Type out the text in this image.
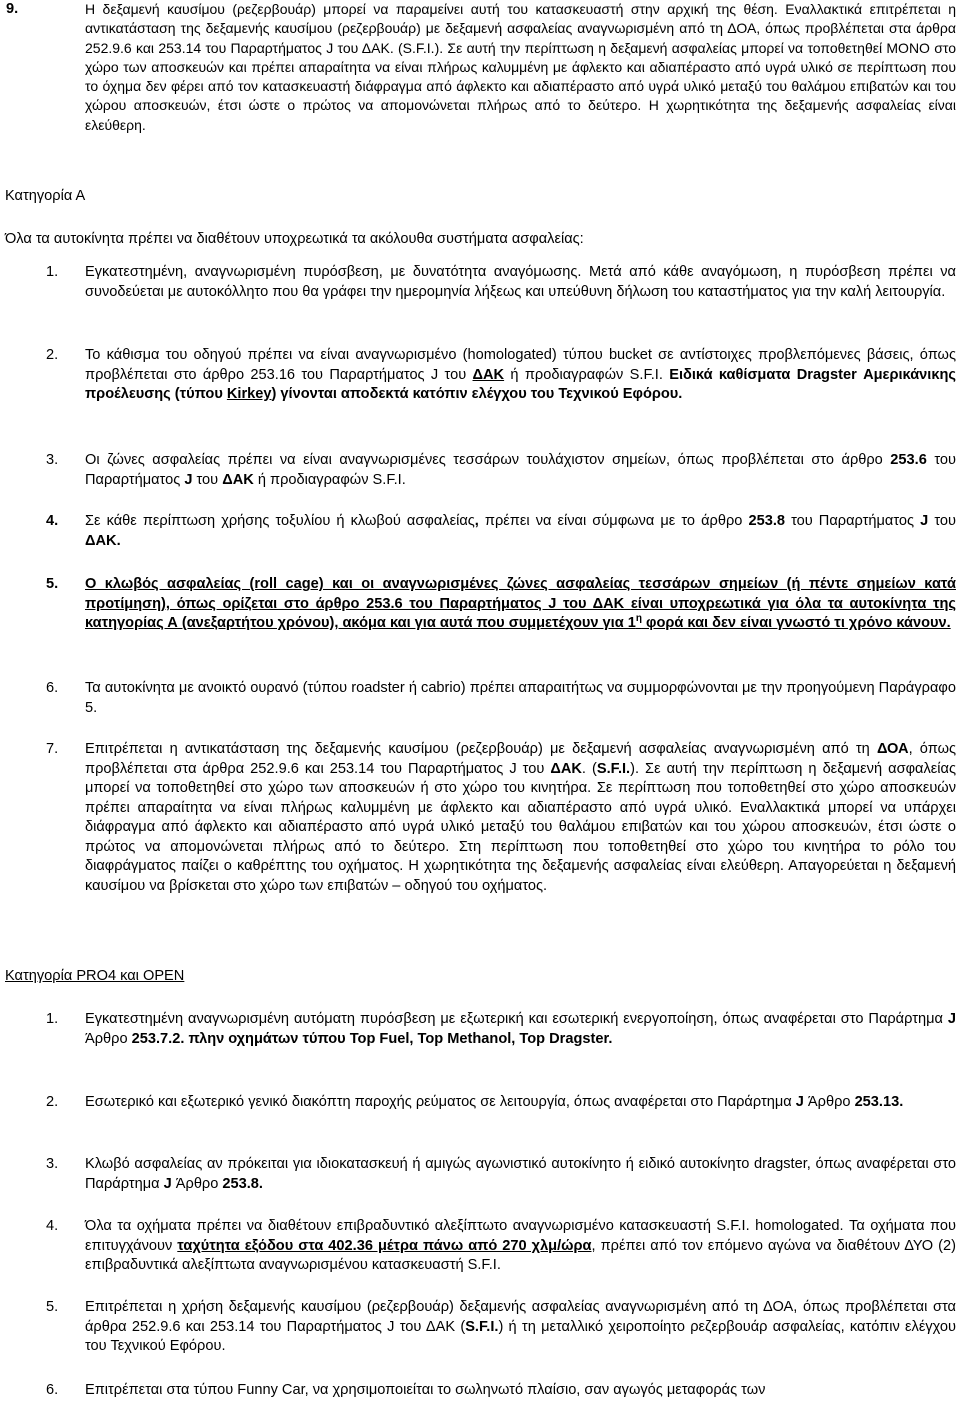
9.	Η δεξαμενή καυσίμου (ρεζερβουάρ) μπορεί να παραμείνει αυτή του κατασκευαστή στην αρχική της θέση. Εναλλακτικά επιτρέπεται η αντικατάσταση της δεξαμενής καυσίμου (ρεζερβουάρ) με δεξαμενή ασφαλείας αναγνωρισμένη από τη ΔΟΑ, όπως προβλέπεται στα άρθρα 252.9.6 και 253.14 του Παραρτήματος J του ΔΑΚ. (S.F.I.). Σε αυτή την περίπτωση η δεξαμενή ασφαλείας μπορεί να τοποθετηθεί ΜΟΝΟ στο χώρο των αποσκευών και πρέπει απαραίτητα να είναι πλήρως καλυμμένη με άφλεκτο και αδιαπέραστο από υγρά υλικό σε περίπτωση που το όχημα δεν φέρει από τον κατασκευαστή διάφραγμα από άφλεκτο και αδιαπέραστο από υγρά υλικό μεταξύ του θαλάμου επιβατών και του χώρου αποσκευών, έτσι ώστε ο πρώτος να απομονώνεται πλήρως από το δεύτερο. Η χωρητικότητα της δεξαμενής ασφαλείας είναι ελεύθερη.

Κατηγορία Α
Όλα τα αυτοκίνητα πρέπει να διαθέτουν υποχρεωτικά τα ακόλουθα συστήματα ασφαλείας:
1. Εγκατεστημένη, αναγνωρισμένη πυρόσβεση, με δυνατότητα αναγόμωσης. Μετά από κάθε αναγόμωση, η πυρόσβεση πρέπει να συνοδεύεται με αυτοκόλλητο που θα γράφει την ημερομηνία λήξεως και υπεύθυνη δήλωση του καταστήματος για την καλή λειτουργία.

2. Το κάθισμα του οδηγού πρέπει να είναι αναγνωρισμένο (homologated) τύπου bucket σε αντίστοιχες προβλεπόμενες βάσεις, όπως προβλέπεται στο άρθρο 253.16 του Παραρτήματος J του ΔΑΚ ή προδιαγραφών S.F.I. Ειδικά καθίσματα Dragster Αμερικάνικης προέλευσης (τύπου Kirkey) γίνονται αποδεκτά κατόπιν ελέγχου του Τεχνικού Εφόρου.

3. Οι ζώνες ασφαλείας πρέπει να είναι αναγνωρισμένες τεσσάρων τουλάχιστον σημείων, όπως προβλέπεται στο άρθρο 253.6 του Παραρτήματος J του ΔΑΚ ή προδιαγραφών S.F.I.

4. Σε κάθε περίπτωση χρήσης τοξυλίου ή κλωβού ασφαλείας, πρέπει να είναι σύμφωνα με το άρθρο 253.8 του Παραρτήματος J του ΔΑΚ.

5. Ο κλωβός ασφαλείας (roll cage) και οι αναγνωρισμένες ζώνες ασφαλείας τεσσάρων σημείων (ή πέντε σημείων κατά προτίμηση), όπως ορίζεται στο άρθρο 253.6 του Παραρτήματος J του ΔΑΚ είναι υποχρεωτικά για όλα τα αυτοκίνητα της κατηγορίας Α (ανεξαρτήτου χρόνου), ακόμα και για αυτά που συμμετέχουν για $1^\eta$ φορά και δεν είναι γνωστό τι χρόνο κάνουν.

6. Τα αυτοκίνητα με ανοικτό ουρανό (τύπου roadster ή cabrio) πρέπει απαραιτήτως να συμμορφώνονται με την προηγούμενη Παράγραφο 5.

7. Επιτρέπεται η αντικατάσταση της δεξαμενής καυσίμου (ρεζερβουάρ) με δεξαμενή ασφαλείας αναγνωρισμένη από τη ΔΟΑ, όπως προβλέπεται στα άρθρα 252.9.6 και 253.14 του Παραρτήματος J του ΔΑΚ. (S.F.I.). Σε αυτή την περίπτωση η δεξαμενή ασφαλείας μπορεί να τοποθετηθεί στο χώρο των αποσκευών ή στο χώρο του κινητήρα. Σε περίπτωση που τοποθετηθεί στο χώρο αποσκευών πρέπει απαραίτητα να είναι πλήρως καλυμμένη με άφλεκτο και αδιαπέραστο από υγρά υλικό. Εναλλακτικά μπορεί να υπάρχει διάφραγμα από άφλεκτο και αδιαπέραστο από υγρά υλικό μεταξύ του θαλάμου επιβατών και του χώρου αποσκευών, έτσι ώστε ο πρώτος να απομονώνεται πλήρως από το δεύτερο. Στη περίπτωση που τοποθετηθεί στο χώρο του κινητήρα το ρόλο του διαφράγματος παίζει ο καθρέπτης του οχήματος. Η χωρητικότητα της δεξαμενής ασφαλείας είναι ελεύθερη. Απαγορεύεται η δεξαμενή καυσίμου να βρίσκεται στο χώρο των επιβατών – οδηγού του οχήματος.

Κατηγορία PRO4 και OPEN
1. Εγκατεστημένη αναγνωρισμένη αυτόματη πυρόσβεση με εξωτερική και εσωτερική ενεργοποίηση, όπως αναφέρεται στο Παράρτημα J Άρθρο 253.7.2. πλην οχημάτων τύπου Top Fuel, Top Methanol, Top Dragster.

2. Εσωτερικό και εξωτερικό γενικό διακόπτη παροχής ρεύματος σε λειτουργία, όπως αναφέρεται στο Παράρτημα J Άρθρο 253.13.

3. Κλωβό ασφαλείας αν πρόκειται για ιδιοκατασκευή ή αμιγώς αγωνιστικό αυτοκίνητο ή ειδικό αυτοκίνητο dragster, όπως αναφέρεται στο Παράρτημα J Άρθρο 253.8.

4. Όλα τα οχήματα πρέπει να διαθέτουν επιβραδυντικό αλεξίπτωτο αναγνωρισμένο κατασκευαστή S.F.I. homologated. Τα οχήματα που επιτυγχάνουν ταχύτητα εξόδου στα 402.36 μέτρα πάνω από 270 χλμ/ώρα, πρέπει από τον επόμενο αγώνα να διαθέτουν ΔΥΟ (2) επιβραδυντικά αλεξίπτωτα αναγνωρισμένου κατασκευαστή S.F.I.

5. Επιτρέπεται η χρήση δεξαμενής καυσίμου (ρεζερβουάρ) δεξαμενής ασφαλείας αναγνωρισμένη από τη ΔΟΑ, όπως προβλέπεται στα άρθρα 252.9.6 και 253.14 του Παραρτήματος J του ΔΑΚ (S.F.I.) ή τη μεταλλικό χειροποίητο ρεζερβουάρ ασφαλείας, κατόπιν ελέγχου του Τεχνικού Εφόρου.

6. Επιτρέπεται στα τύπου Funny Car, να χρησιμοποιείται το σωληνωτό πλαίσιο, σαν αγωγός μεταφοράς των
